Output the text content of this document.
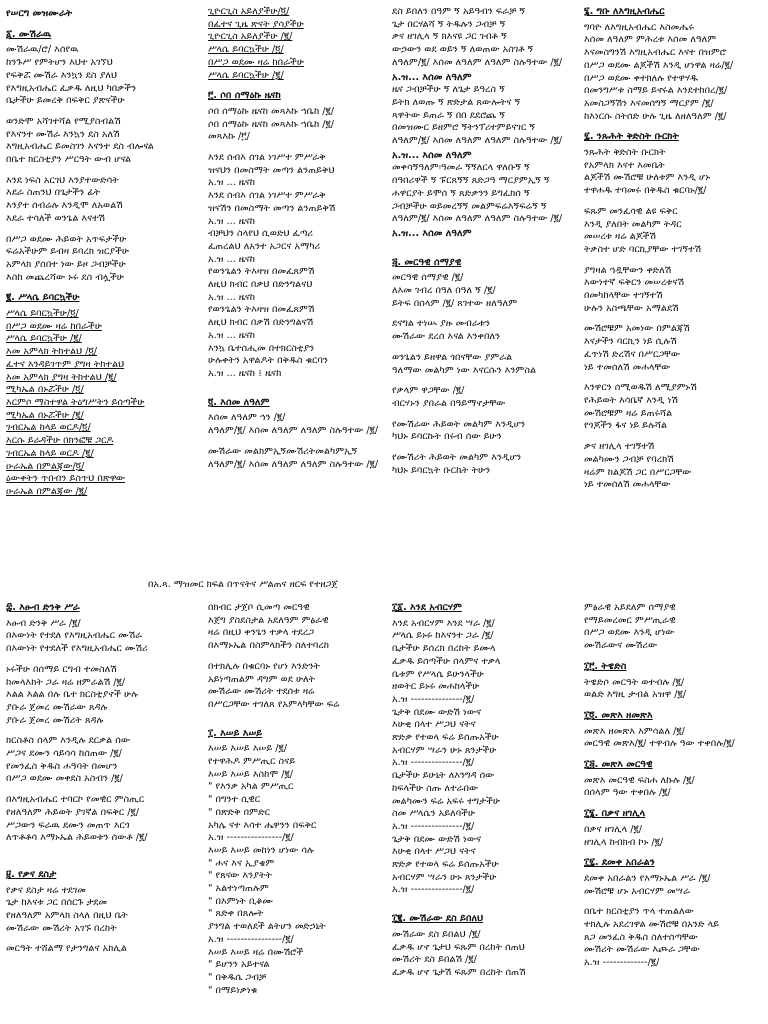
የሠርግ መዝሙራት
፩. ሙሽራዉ
ሙሽራዉ/ሮ/ እሰየዉ
ከንጉሥ የምትሆን እህተ አገኘህ
የፍቅሯ ሙሽራ እንኳን ደስ ያለህ
የእግዚአብሔር ፈቃዱ ለዚህ ካበቃችን
ቤታችሁ ይመረቅ በፍቅር ያጽናችሁ
ወንድሞ አሻገተሻል የሚያስብልሽ
የእናንተ ሙሽራ እንኳን ደስ አለሽ
እግዚአብሔር ይመስገን እናንተ ደስ ብሎናል
በቤተ ክርስቲያን ሥርዓት ውብ ሆናል
እንደ ነፍስ አርገህ እንያተውድሳት
እደራ ስጠንህ በጌታችን ፊት
እንያተ ሰብሬሉ እንዲሞ ለአወልሽ
እደራ ተሳለች ወንጌል እናተሽ
በሥጋ ወደሙ ሕይወት አጥፍታችሁ
ፍሬአችሁም ይብዛ ይባረክ ዝርያችሁ
አምላክ ያሰበተ ነው ይዞ ጋብቻችሁ
እስከ መጨረሻው ኑሩ ደስ ብሏችሁ
፪. ሥላሴ ይባርኳችሁ
ሥላሴ ይባርኳችሁ/፬/
በሥጋ ወደሙ ዛሬ ከበራችሁ
ሥላሴ ይባርኳችሁ /፪/
እመ አምላክ ትከተልህ /፬/
ፈተና እንዳይገጥም ያግዛ ትከተልህ
እመ አምላክ ያግዛ ትከተልህ /፪/
ሚካኤል በኑሯችሁ /፬/
እርምሶ ማስተዋል ትዕግሥትን ይሰጣችሁ
ሚካኤል በኑሯችሁ /፪/
ገብርኤል ከላይ ወርዶ/፬/
እርሱ ይራዳችሁ በክንፎቹ ጋርዶ
ገብርኤል ከላይ ወርዶ /፪/
ዑራኤል በምልጃው/፬/
ዕውቀትን ጥበብን ይስጥህ በጽዋው
ዑራኤል በምልጃው /፪/
ጊዮርጊስ አይለያችሁ/፬/
በፈተና ጊዜ ጽናት ያሳያችሁ
ጊዮርጊስ አይለያችሁ /፪/
ሥላሴ ይባርኳችሁ /፬/
በሥጋ ወደሙ ዛሬ ከበራችሁ
ሥላሴ ይባርኳችሁ /፪/
፫. ሶበ ሰማዕኩ ዜናከ
ሶበ ሰማዕኩ ዜናከ መጻእኩ ኀቤከ /፪/
ሶበ ሰማዕኩ ዜናከ መጻእኩ ኀቤከ /፪/
መጻእኩ /፫/
እንደ ሰብእ ሰገል ነገሥተ ምሥራቅ
ዝናህን በመስማት መጣን ልንጠይቅህ
አ.ዝ ... ዜናከ
እንደ ሰብእ ሰገል ነገሥተ ምሥራቅ
ዝናሽን በመስማት መጣን ልንጠይቅሽ
አ.ዝ ... ዜናከ
ብቻህን ስላየህ ሲወድህ ፈጣሪ
ፈጠረልህ ለአንተ አጋርና አማካሪ
አ.ዝ ... ዜናከ
የወንጌልን ትእዛዝ በመፈጸምሽ
ለዚህ ክብር በቃህ በድንግልናህ
አ.ዝ ... ዜናከ
የወንጌልን ትእዛዝ በመፈጸምሽ
ለዚህ ክብር በቃሽ በድንግልናሽ
አ.ዝ ... ዜናከ
እንኳ ቤተሰሒመ በተክርስቲያን
ሁሉቀትን አዋልዶት በቅዱስ ቁርባን
አ.ዝ ... ዜናከ ፤ ዜናከ
፬. እሰመ ለዓለም
እሰመ ለዓለም ኀን /፪/
ለዓለም/፪/ እሰመ ለዓለም ለዓለም ስሉዓተው /፪/
ሙሽራው መልክምኢኝሙሽሪትመልካምኢኝ
ለዓለም/፪/ እሰመ ለዓለም ለዓለም ስሉዓተው /፪/
ደስ ይበለን በዓም ኝ አይዓብን ፍራቻ ኝ
ጌታ በርሃልሻ ኝ ትዱሉን ጋብቻ ኝ
ቃና ዘገሊላ ኝ ክእናዩ ጋር ገብቶ ኝ
ውኃውን ወደ ወይን ኝ ለወጠው አስገቶ ኝ
ለዓለም/፪/ እሰመ ለዓለም ለዓለም ስሉዓተው /፪/
አ.ዝ... እሰመ ለዓለም
ዜና ጋብቻችሁ ኝ ለጌታ ይዓረስ ኝ
ይትክ ለወጡ ኝ ጽድታል ጸውሎትና ኝ
ጻዋትው ይጠራ ኝ በበ ደደሮጨ ኝ
በመዝሙር ይዘምሮ ኝትንፕሪተምይናገር ኝ
ለዓለም/፪/ እሰመ ለዓለም ለዓለም ስሉዓተው /፪/
አ.ዝ... እሰመ ለዓለም
መቀሳኝዓለም፡ዓመራ ኝኝለርላ ዋለቡኝ ኝ
በዓበሪዋች ኝ ፑርጸኝኝ ጸድጋዓ ማርያምኢኝ ኝ
ሐዋርያት ይሞሰ ኝ ጸድቃንን ይግፈክሰ ኝ
ጋብቻችሁ ወይመረኝኝ መልምፍሬእኝፍሬኝ ኝ
ለዓለም/፪/ እሰመ ለዓለም ለዓለም ስሉዓተው /፪/
አ.ዝ... እሰመ ለዓለም
፭. መርዓዊ ሰማያዊ
መርዓዊ ሰማያዊ /፪/
ለእመ ገብረ በዓለ በዓለ ኝ /፪/
ይትፍ በሰላም /፪/ ጸገተው ዘለዓለም
ደናግል ተነሡ ያዙ መብራቱን
ሙሽራው ደረሰ እናል እንቀበለን
ወንጌልን ይዘዋል ጎበናቸው ያምራል
ዓለማው መልካም ነው እናርሱን እንምስል
የቃላም ዋጋቸው /፪/
ብርሃኑን ያበራል በዓይማኖታቸው
የሙሽራው ሕይወት መልካም እንዲሆን
ካህኑ ይባርኩት በሩብ ሰው ይሁን
የሙሽሪት ሕይወት መልካም እንዲሆን
ካህኑ ይባርኳት ቡርኬት ትሁን
፮. ግቡ ለእግዚአብሔር
ግባዮ ለእግዚአብሔር እስመሔሩ
እሰመ ለዓለም ምሕረቱ እሰመ ለዓለም
እናመስግንሽ እግዚአብሔር እናተ በዝምሮ
በሥጋ ወደሙ ልጆችሽ እንዲ ሆነዋል ዛሬ/፪/
በሥጋ ወደሙ ቀተክለሉ የተዋሃዱ
በመንግሥቱ ስማይ ይኖሩል እንደተከበረ/፪/
አመስጋኝሽን እናመሰግኝ ማርያም /፪/
ከእነርሱ ስትሰድ ሁሉ ጊዜ ለዘለዓለም /፪/
፯. ንጹሕት ቅድስት ቡርክት
ንጹሕት ቅድስት ቡርክት
የአምላክ እናተ እመቤት
ልጆችሽ ሙሽሮቹ ሁለቱም እንዲ ሆኑ
ተዋሐዱ ተባመሩ በቅዱስ ቁርባኑ/፪/
ፍጹም መንፈሳዊ ልዩ ፍቅር
እንዲ ያለበት መልካም ትዳር
መሠረቱ ዛሬ ልጆችሽ
ትቃስተ ሆድ ባርኪያቸው ተገኝተሽ
ያግዛል ኀዷቸውን ቀድለሽ
እውነተኛ ፍቅርን መሠረቱናሽ
በመካከላቸው ተገኝተሽ
ሁሉን አስጫቸው አማልደሽ
ሙሽሮቹም አመነው በምልጃሽ
እናታችን ባርኪን ነይ ሲሉሽ
ፈጥነሽ ድረሽና በሥርጋቸው
ነይ ተመሰለሽ መሐላቸው
እንዋርን ሰሚወዱሽ ለሚያምኑሽ
የሕይወት እሳቤኛ እንዲ ነሽ
ሙሽሮቹም ዛሬ ይጠሩሻል
የጎጆችን ፋና ነይ ይሉሻል
ቃና ዘገሊላ ተገኝተሽ
መልካሙን ጋብቻ የባረክሽ
ዛሬም ከልጆሽ ጋር በሥርጋቸው
ነይ ተመሰለሽ መሐላቸው
በአ.ጻ. ማዝመር ክፍል በጥናትና ሥልጠና ዘርፍ የተዘጋጀ
፰. እፁብ ድንቅ ሥራ
እፁብ ድንቅ ሥራ /፪/
በእውነት የተደለ የእግዚአብሔር ሙሽራ
በእውነት የተደለች የእግዚአብሔር ሙሽሪ
ኑሩችሁ በሰማይ ርግብ ተመስለሽ
ከመላእክት ጋራ ዛሬ ዘምራልሽ /፪/
እልል እልል በሉ ቤተ ክርስቲያኖች ሁሉ
ያቡራ ጀመረ ሙሽራው ጸዳሉ
ያቡራ ጀመረ ሙሽሪት ጸዳሉ
ክርስቶስ ሰላም እንዲሉ ደርቃል ሰው
ሥጋና ደሙን ሳይሳሳ ከሰጠው /፪/
የመንፈስ ቅዱስ ሐዓባት በመሆን
በሥጋ ወደሙ መቀደስ አስብን /፪/
በእግዚአብሔር ተባርኮ የመዊር ምስጢር
የዘለዓለም ሕይወት ያገኛል በፍቅር /፪/
ሥጋውን ፍራዉ ደሙን መጠጥ እርጎ
ለጥቶቶሳ እማኑኤል ሕይወቱን ሰውቶ /፪/
፱. የቃና ደስታ
የቃና ደስታ ዛሬ ተደገመ
ጌታ ከእናቱ ጋር በሰርጉ ታደመ
የዘለዓለም አምላክ ስላለ በዚህ ቤት
ሙሽራው ሙሽሪት አገኙ በረከት
መርዓት ተሸልማ የታንግልና አክሊል
በክብር ታጀቦ ሲመጣ መርዓዊ
እጀግ ያስደስታል አደለዓም ምፅራዊ
ዛሬ በዚህ ቀንጌን ተቃላ ተደረጋ
በእማኑኤል በስምላክችን ስለተባረከ
በተክሊሉ በቁርባኑ የሆነ እንድንት
አይነጣጠልም ዳግም ወደ ሁለት
ሙሽራው ሙሽሪት ተደሰቱ ዛሬ
በሥርጋቸው ተገለጸ የአምላካቸው ፍሬ
፲. እሠይ እሠይ
እሠይ እሠይ እሠይ /፪/
የተዋሕዶ ምሥጢር ስናይ
እሠይ እሠይ እስከሞ /፪/
" የእንቃ አካል ምሥጢር
" በግንተ ሲዊር
" በጽድቅ በምድር
አካሌ ናተ እሳተ ሔዋንን በፍቅር
አ.ዝ ----------------/፪/
እሠይ እሠይ መከነን ሆነው ሳሉ
" ሐና እና ኢያቄም
" የጸናው እንያትት
" አልተነጣጠሉም
" በእምነት ቢቆሙ
" ጸድቀ በጸሎት
ያንግል ተወለደች ልትሆን መድኃኒት
አ.ዝ ----------------/፪/
እሠይ እሠይ ዛሬ በሙሽሮች
" ይሆንን አይተናል
" በቅዱሴ ጋብቻ
" በማይነቃነቁ
፲፩. እንደ አብርሃም
እንደ አብርሃም እንደ ሣራ /፪/
ሥላሴ ይኑሩ ከእናንተ ጋራ /፪/
ቤታችሁ ይሰረክ በረከት ይሙላ
ፈቃዱ ይሰጣችሁ ሰላምና ተቃላ
ቤቱም የሥላሴ ይሁንላችሁ
ዘወትር ይኑሩ መሐከላችሁ
አ.ዝ ---------------/፪/
ጌታቅ በደሙ ውድሽ ነውና
እሁቂ በላተ ሥጋህ ናትና
ጽድቃ የተወላ ፍሬ ይሰጡአችሁ
አብርሃም ሣራን ሁኑ ጸንታችሁ
አ.ዝ ---------------/፪/
ቤታችሁ ይሁኒት ለእንግዳ ሰው
ከፍላችሁ ስጡ ለተራበው
መልካሙን ፍሬ አፍሩ ተግታችሁ
ስመ ሥላሴን አይለባችሁ
አ.ዝ ---------------/፪/
ጌታቅ በደሙ ውድሽ ነውና
እሁቂ በላተ ሥጋህ ናትና
ጽድቃ የተወላ ፍሬ ይሰጡአችሁ
አብርሃም ሣራን ሁኑ ጸንታችሁ
አ.ዝ ---------------/፪/
፲፪. ሙሽራው ደስ ይበለህ
ሙሽራው ደስ ይበልህ /፪/
ፈቃዱ ሆኖ ጌታህ ፍጹም በረከት ሰጠህ
ሙሽሪት ደስ ይበልሽ /፪/
ፈቃዱ ሆኖ ጌታሽ ፍጹም በረከት ሰጠሽ
ምፅራዊ አይደለም ሰማያዊ
የማይመረመር ምሥጢራዊ
በሥጋ ወደሙ እንዲ ሆነው
ሙሽራውና ሙሽሪው
፲፫. ትዌድስ
ትዌድሶ መርዓት ወተብሉ /፪/
ወልድ እግዚ ታብል አዝዋ /፪/
፲፬. መጽእ ዘመጽእ
መጽእ ዘመጽእ እምሳልለ /፪/
መርዓዊ መጽእ/፪/ ተዋብሉ ዓው ተቀበሉ/፪/
፲፭. መጽእ መርዓዊ
መጽእ መርዓዊ ፍስሐ ለኩሉ /፪/
በሰላም ዓው ተቀበሉ /፪/
፲፮. በቃና ዘገሊላ
በቃና ዘገሊላ /፪/
ዘገሊላ ከብክብ ኮኑ /፪/
፲፯. ደመቀ አበራልን
ደመቀ አበራልን የእማኑኤል ሥራ /፪/
ሙሽሮቹ ሆኑ አብርሃም መሣራ
በቤተ ክርስቲያን ጥላ ተጠልለው
ተክሊሉ አደረገዋል ሙሽሮቹ በአንድ ላይ
ጸጋ መንፈስ ቅዱስ ስለተሰጣቸው
ሙሽሪት ሙሽራው እጮራ ጋቸው
አ.ዝ -------------/፪/
